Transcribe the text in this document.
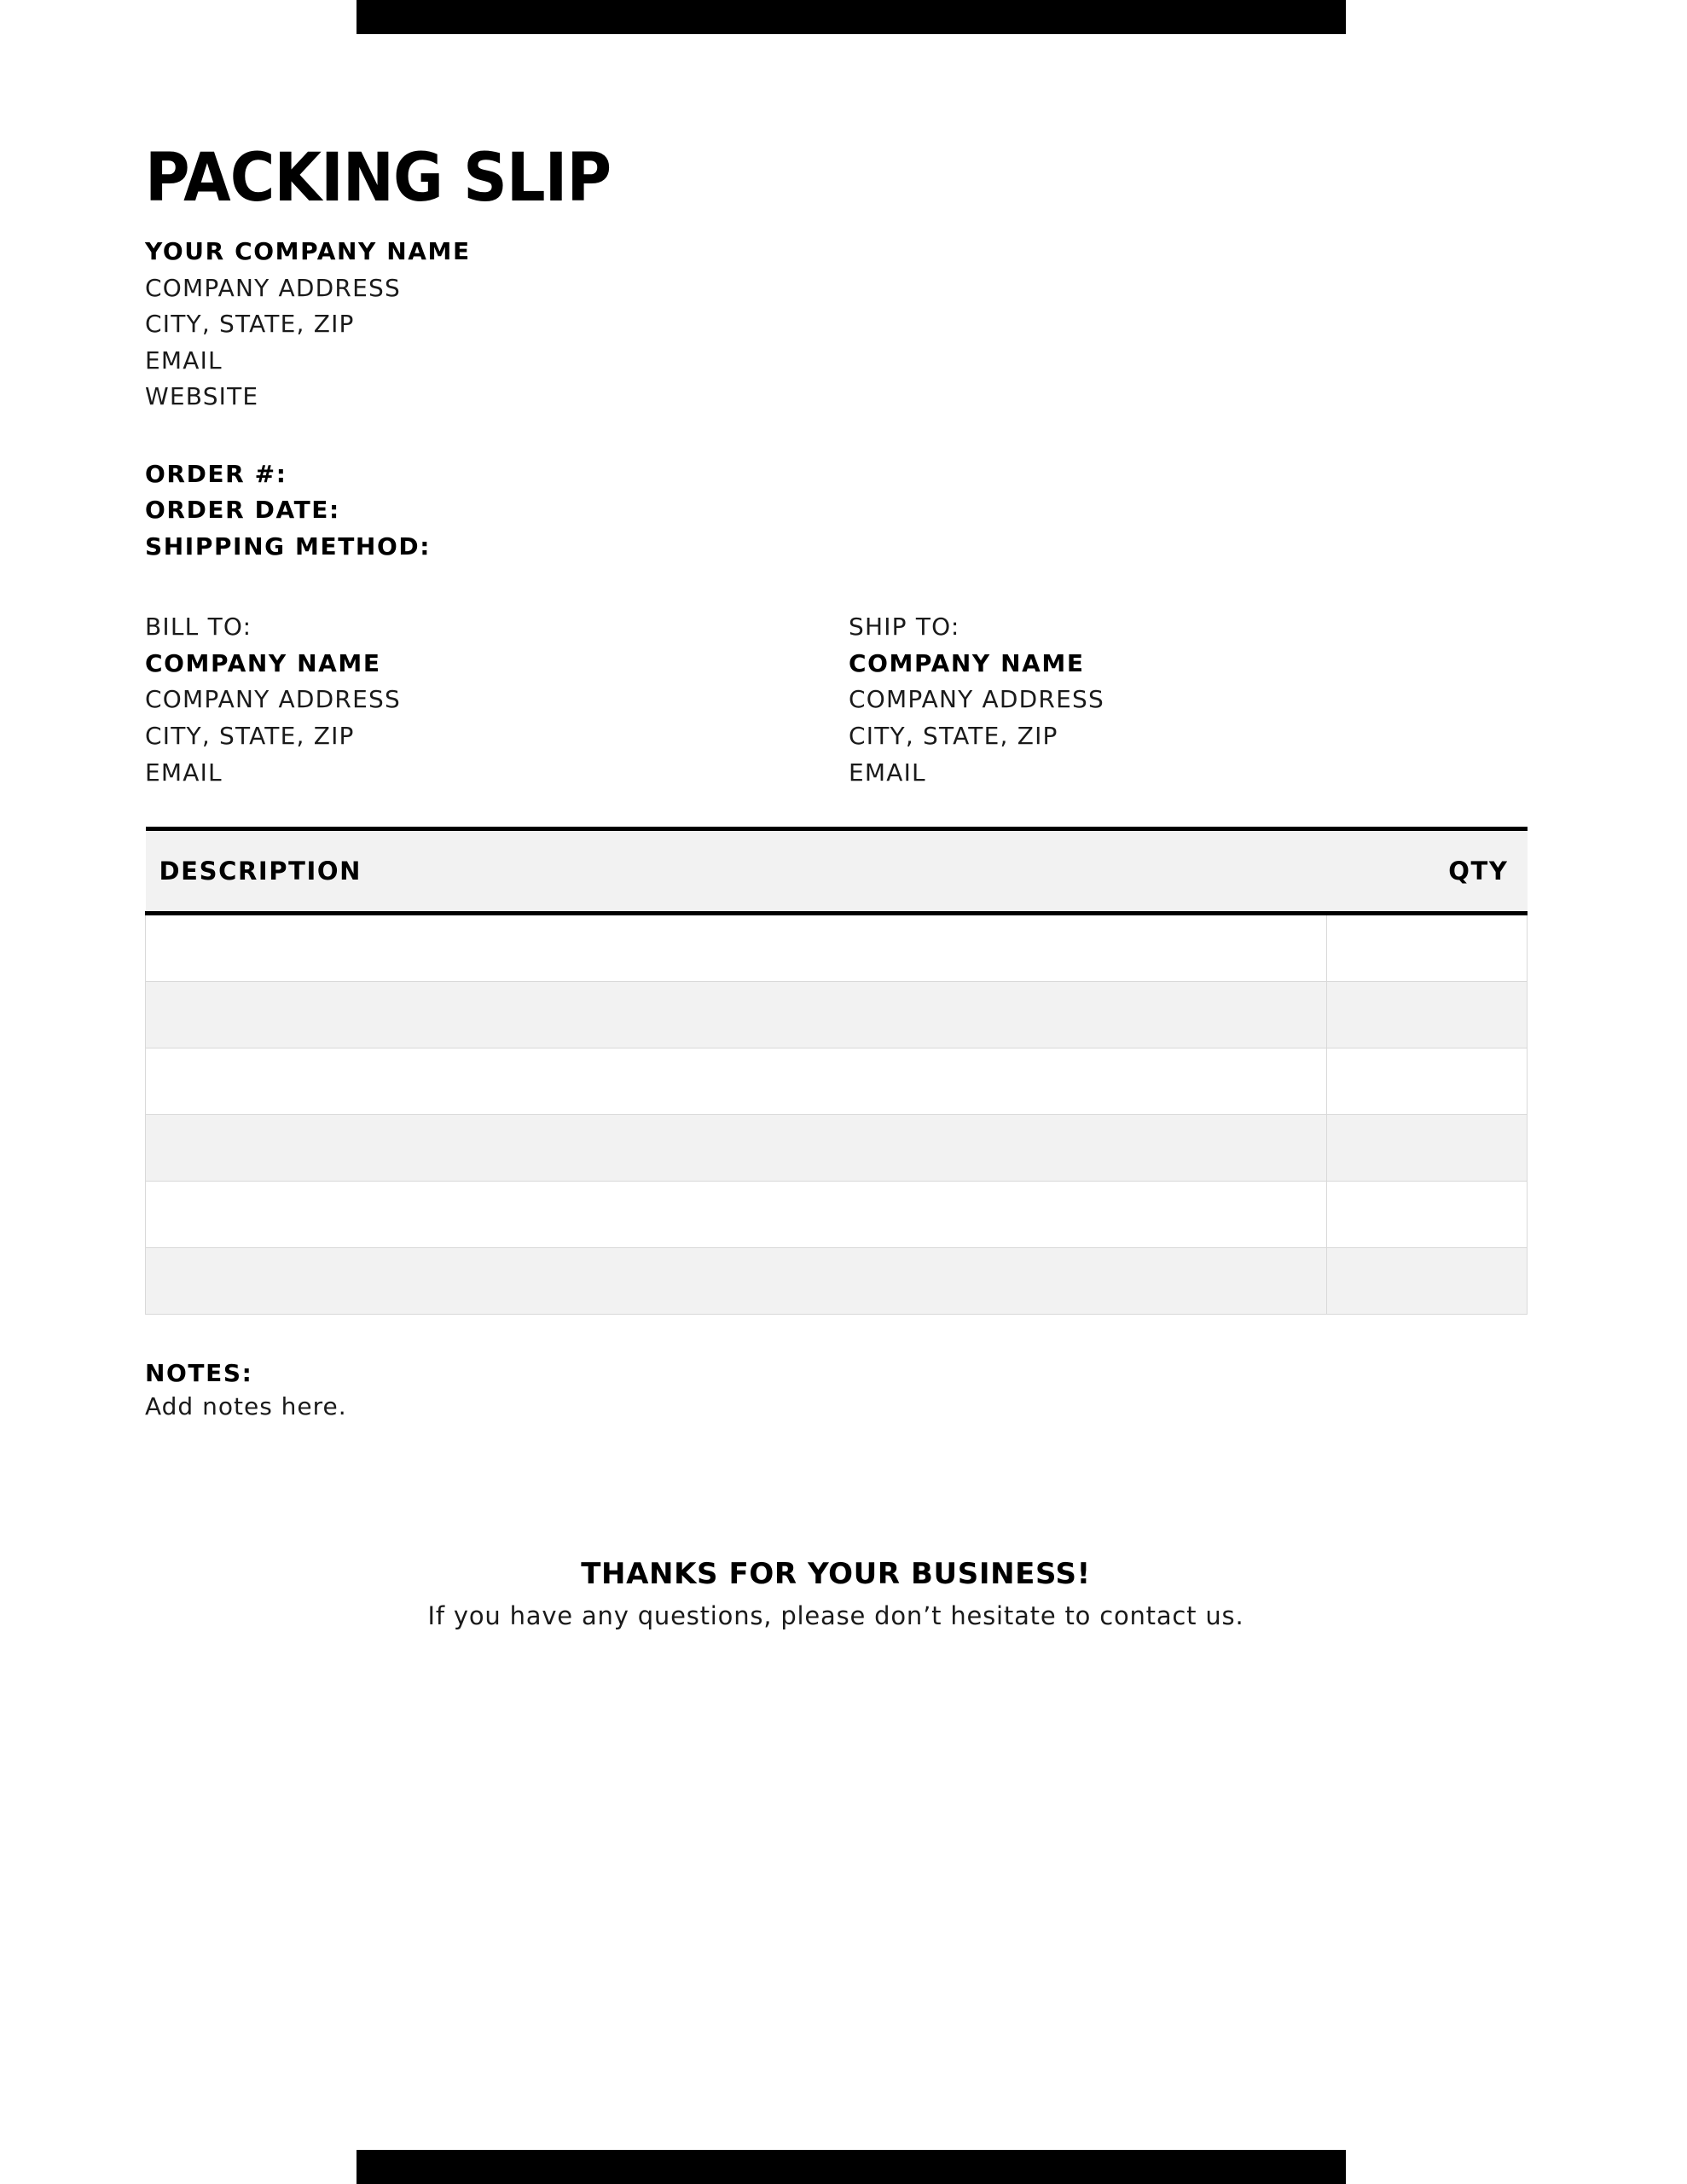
PACKING SLIP
YOUR COMPANY NAME
COMPANY ADDRESS
CITY, STATE, ZIP
EMAIL
WEBSITE
ORDER #:
ORDER DATE:
SHIPPING METHOD:
BILL TO:
COMPANY NAME
COMPANY ADDRESS
CITY, STATE, ZIP
EMAIL
SHIP TO:
COMPANY NAME
COMPANY ADDRESS
CITY, STATE, ZIP
EMAIL
DESCRIPTION	QTY

NOTES:
Add notes here.
THANKS FOR YOUR BUSINESS!
If you have any questions, please don’t hesitate to contact us.
